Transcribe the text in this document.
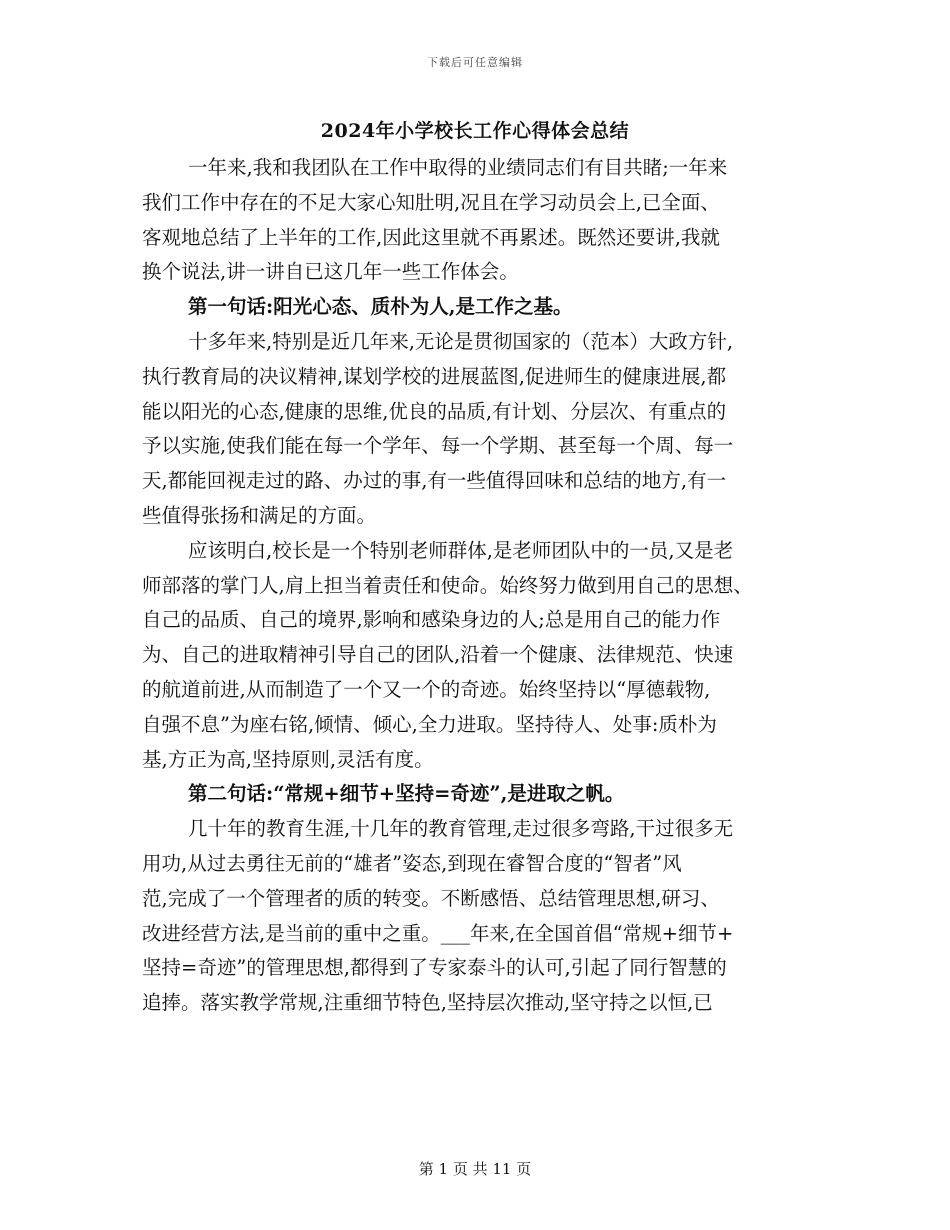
下载后可任意编辑
2024年小学校长工作心得体会总结
一年来,我和我团队在工作中取得的业绩同志们有目共睹;一年来
我们工作中存在的不足大家心知肚明,况且在学习动员会上,已全面、
客观地总结了上半年的工作,因此这里就不再累述。既然还要讲,我就
换个说法,讲一讲自已这几年一些工作体会。
第一句话:阳光心态、质朴为人,是工作之基。
十多年来,特别是近几年来,无论是贯彻国家的（范本）大政方针,
执行教育局的决议精神,谋划学校的进展蓝图,促进师生的健康进展,都
能以阳光的心态,健康的思维,优良的品质,有计划、分层次、有重点的
予以实施,使我们能在每一个学年、每一个学期、甚至每一个周、每一
天,都能回视走过的路、办过的事,有一些值得回味和总结的地方,有一
些值得张扬和满足的方面。
应该明白,校长是一个特别老师群体,是老师团队中的一员,又是老
师部落的掌门人,肩上担当着责任和使命。始终努力做到用自己的思想、
自己的品质、自己的境界,影响和感染身边的人;总是用自己的能力作
为、自己的进取精神引导自己的团队,沿着一个健康、法律规范、快速
的航道前进,从而制造了一个又一个的奇迹。始终坚持以“厚德载物,
自强不息”为座右铭,倾情、倾心,全力进取。坚持待人、处事:质朴为
基,方正为高,坚持原则,灵活有度。
第二句话:“常规+细节+坚持=奇迹”,是进取之帆。
几十年的教育生涯,十几年的教育管理,走过很多弯路,干过很多无
用功,从过去勇往无前的“雄者”姿态,到现在睿智合度的“智者”风
范,完成了一个管理者的质的转变。不断感悟、总结管理思想,研习、
改进经营方法,是当前的重中之重。___年来,在全国首倡“常规+细节+
坚持=奇迹”的管理思想,都得到了专家泰斗的认可,引起了同行智慧的
追捧。落实教学常规,注重细节特色,坚持层次推动,坚守持之以恒,已
第 1 页 共 11 页
